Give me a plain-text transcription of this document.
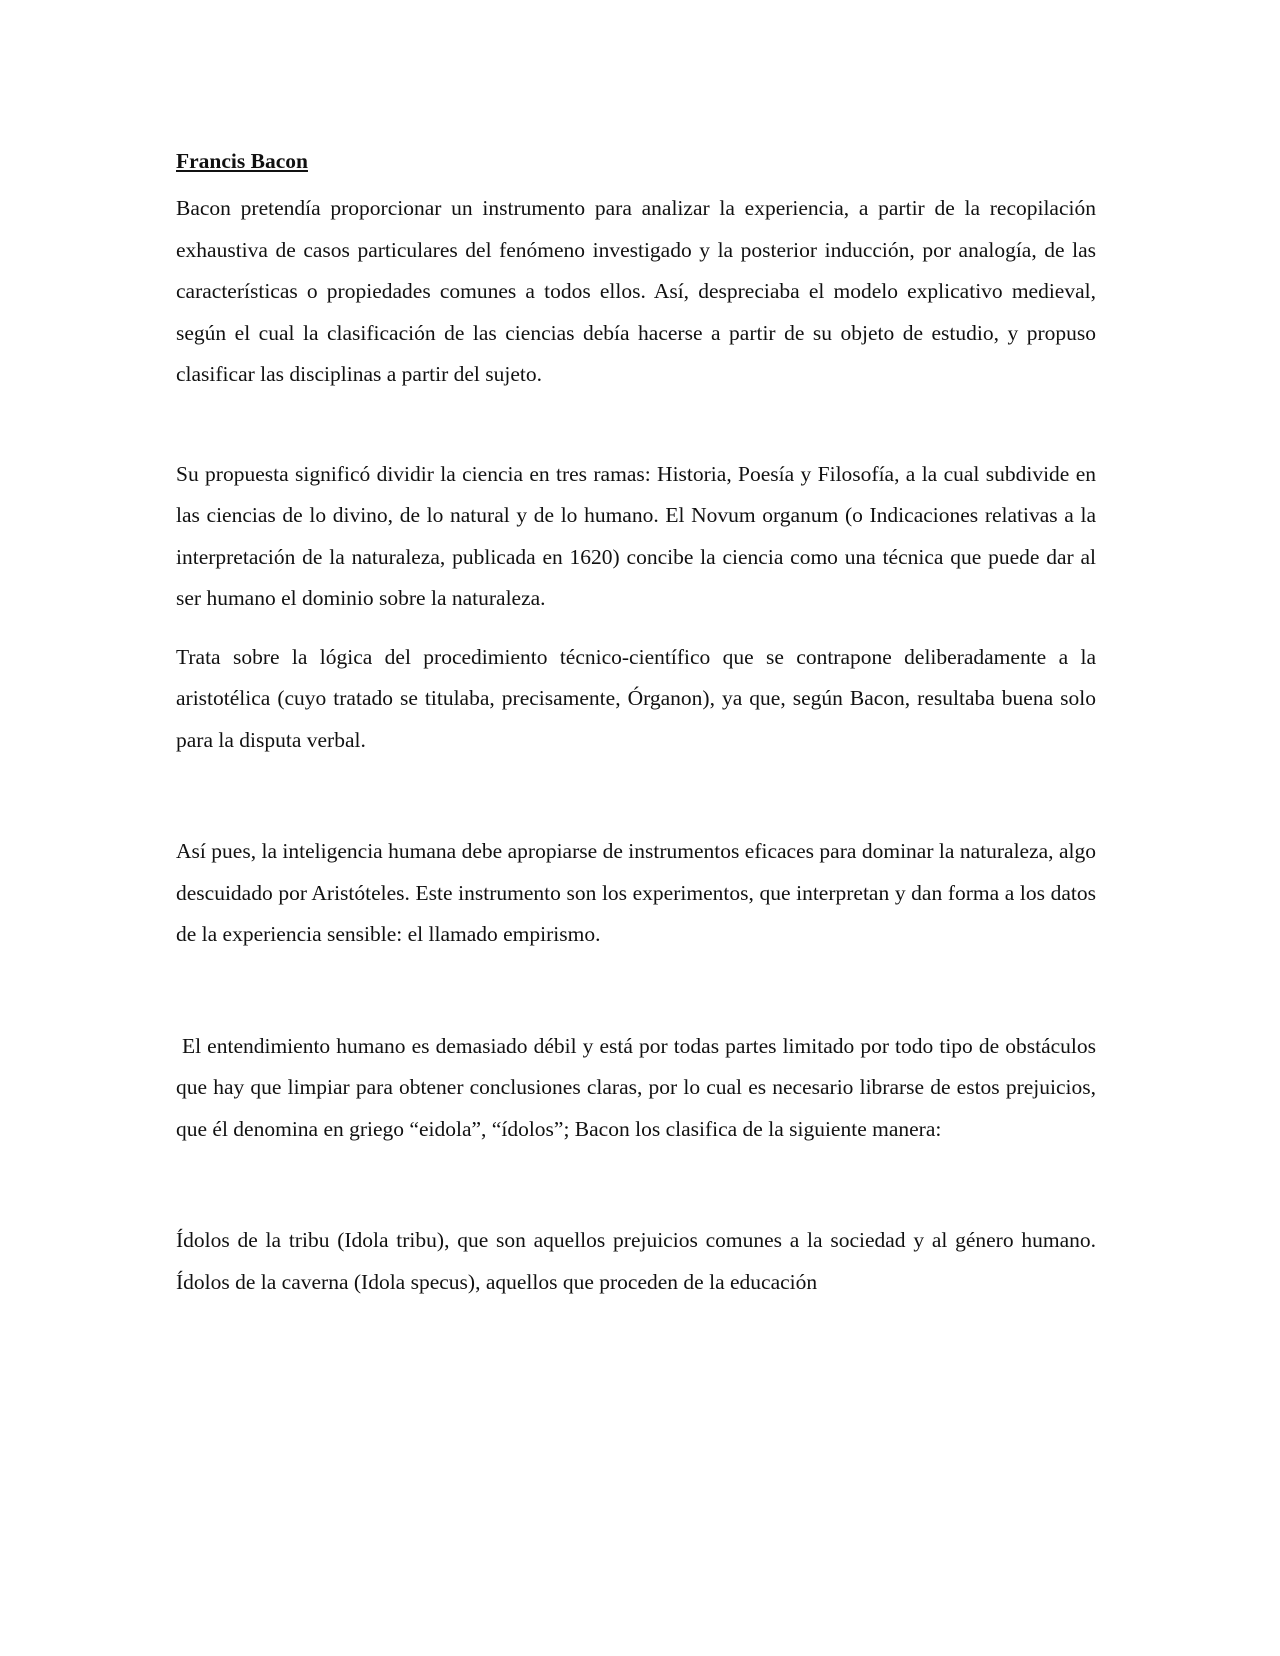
Francis Bacon

Bacon pretendía proporcionar un instrumento para analizar la experiencia, a partir de la recopilación exhaustiva de casos particulares del fenómeno investigado y la posterior inducción, por analogía, de las características o propiedades comunes a todos ellos. Así, despreciaba el modelo explicativo medieval, según el cual la clasificación de las ciencias debía hacerse a partir de su objeto de estudio, y propuso clasificar las disciplinas a partir del sujeto.

Su propuesta significó dividir la ciencia en tres ramas: Historia, Poesía y Filosofía, a la cual subdivide en las ciencias de lo divino, de lo natural y de lo humano. El Novum organum (o Indicaciones relativas a la interpretación de la naturaleza, publicada en 1620) concibe la ciencia como una técnica que puede dar al ser humano el dominio sobre la naturaleza.

Trata sobre la lógica del procedimiento técnico-científico que se contrapone deliberadamente a la aristotélica (cuyo tratado se titulaba, precisamente, Órganon), ya que, según Bacon, resultaba buena solo para la disputa verbal.

Así pues, la inteligencia humana debe apropiarse de instrumentos eficaces para dominar la naturaleza, algo descuidado por Aristóteles. Este instrumento son los experimentos, que interpretan y dan forma a los datos de la experiencia sensible: el llamado empirismo.

El entendimiento humano es demasiado débil y está por todas partes limitado por todo tipo de obstáculos que hay que limpiar para obtener conclusiones claras, por lo cual es necesario librarse de estos prejuicios, que él denomina en griego “eidola”, “ídolos”; Bacon los clasifica de la siguiente manera:

Ídolos de la tribu (Idola tribu), que son aquellos prejuicios comunes a la sociedad y al género humano. Ídolos de la caverna (Idola specus), aquellos que proceden de la educación
